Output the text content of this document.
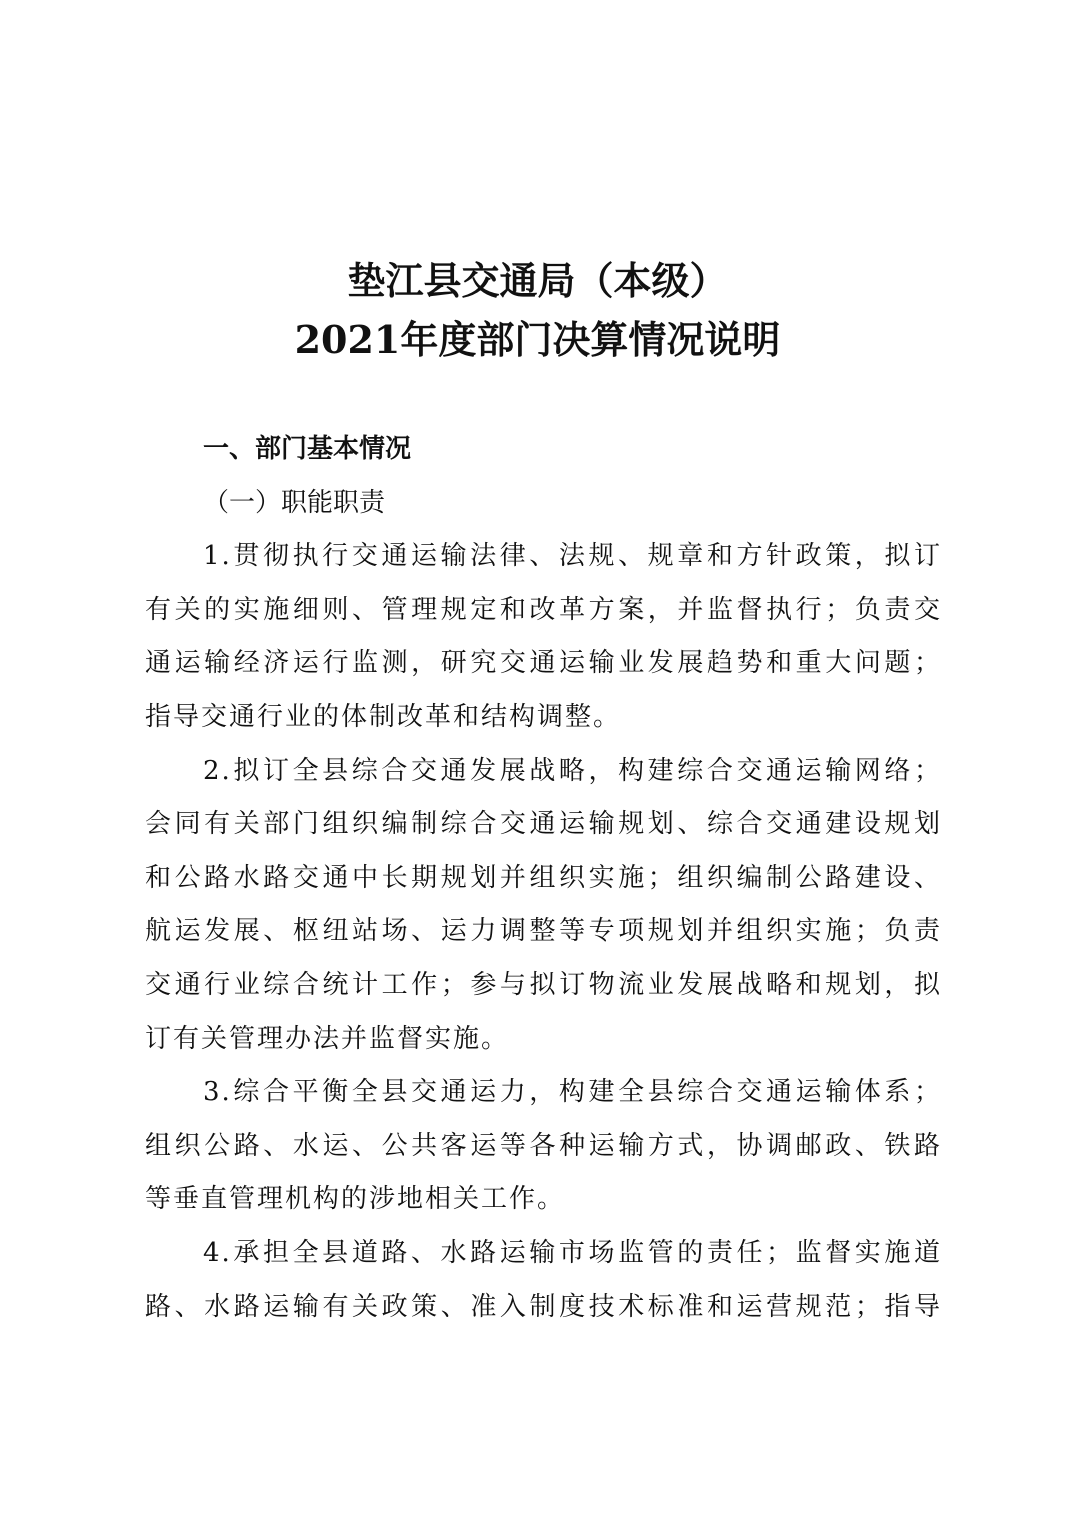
垫江县交通局（本级）
2021年度部门决算情况说明
一、部门基本情况
（一）职能职责
1.贯彻执行交通运输法律、法规、规章和方针政策，拟订
有关的实施细则、管理规定和改革方案，并监督执行；负责交
通运输经济运行监测，研究交通运输业发展趋势和重大问题；
指导交通行业的体制改革和结构调整。
2.拟订全县综合交通发展战略，构建综合交通运输网络；
会同有关部门组织编制综合交通运输规划、综合交通建设规划
和公路水路交通中长期规划并组织实施；组织编制公路建设、
航运发展、枢纽站场、运力调整等专项规划并组织实施；负责
交通行业综合统计工作；参与拟订物流业发展战略和规划，拟
订有关管理办法并监督实施。
3.综合平衡全县交通运力，构建全县综合交通运输体系；
组织公路、水运、公共客运等各种运输方式，协调邮政、铁路
等垂直管理机构的涉地相关工作。
4.承担全县道路、水路运输市场监管的责任；监督实施道
路、水路运输有关政策、准入制度技术标准和运营规范；指导
